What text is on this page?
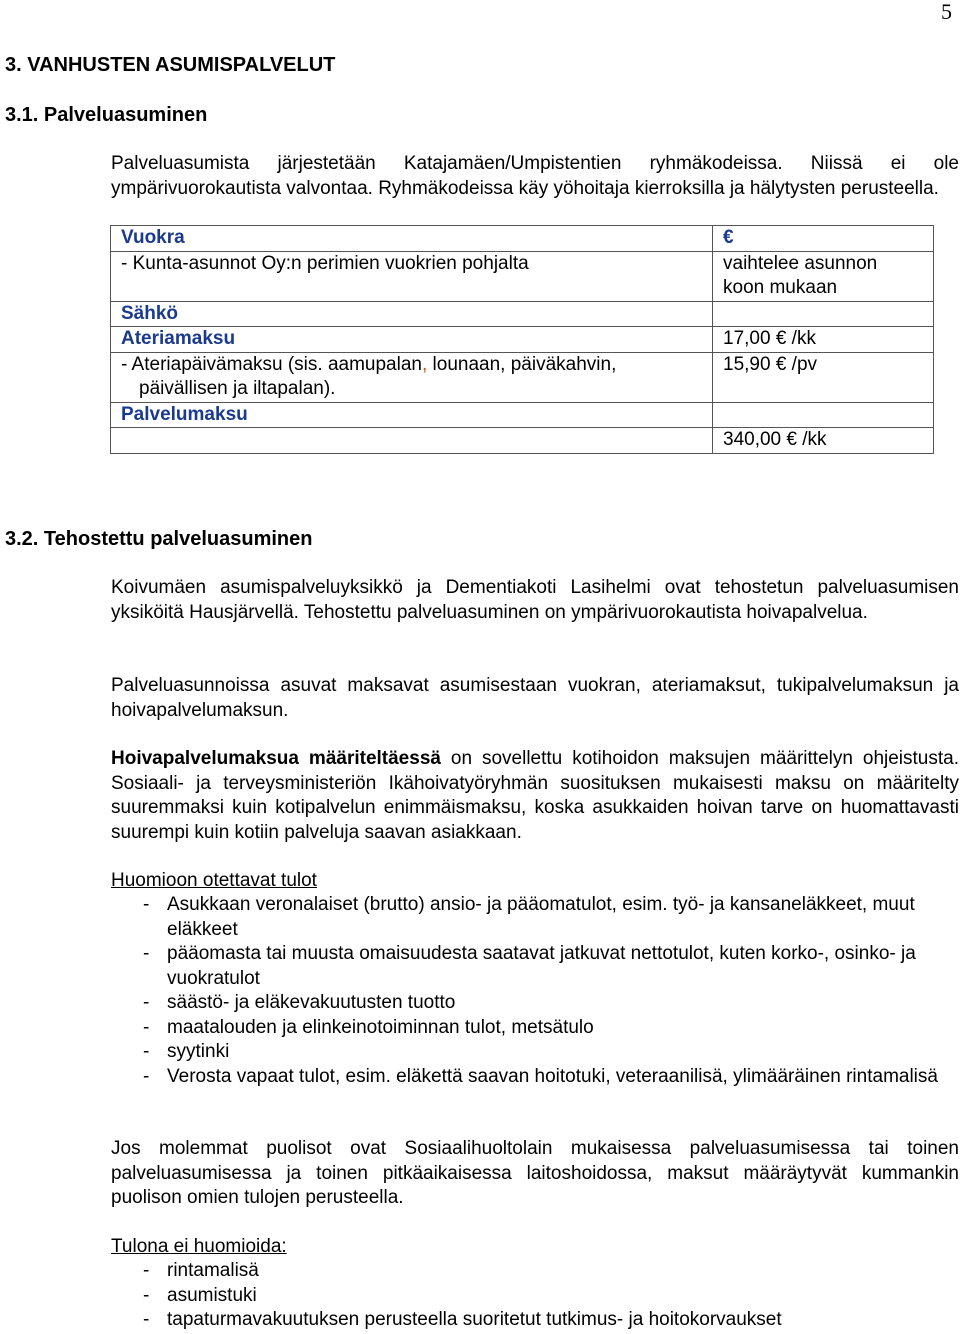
5
3. VANHUSTEN ASUMISPALVELUT
3.1. Palveluasuminen

Palveluasumista järjestetään Katajamäen/Umpistentien ryhmäkodeissa. Niissä ei ole ympärivuorokautista valvontaa. Ryhmäkodeissa käy yöhoitaja kierroksilla ja hälytysten perusteella.

Vuokra	€
- Kunta-asunnot Oy:n perimien vuokrien pohjalta	vaihtelee asunnon koon mukaan
Sähkö	
Ateriamaksu	17,00 € /kk

- Ateriapäivämaksu (sis. aamupalan, lounaan, päiväkahvin, päivällisen ja iltapalan).	15,90 € /pv
Palvelumaksu	
	340,00 € /kk
3.2. Tehostettu palveluasuminen

Koivumäen asumispalveluyksikkö ja Dementiakoti Lasihelmi ovat tehostetun palveluasumisen yksiköitä Hausjärvellä. Tehostettu palveluasuminen on ympärivuorokautista hoivapalvelua.

Palveluasunnoissa asuvat maksavat asumisestaan vuokran, ateriamaksut, tukipalvelumaksun ja hoivapalvelumaksun.

Hoivapalvelumaksua määriteltäessä on sovellettu kotihoidon maksujen määrittelyn ohjeistusta. Sosiaali- ja terveysministeriön Ikähoivatyöryhmän suosituksen mukaisesti maksu on määritelty suuremmaksi kuin kotipalvelun enimmäismaksu, koska asukkaiden hoivan tarve on huomattavasti suurempi kuin kotiin palveluja saavan asiakkaan.

Huomioon otettavat tulot

- Asukkaan veronalaiset (brutto) ansio- ja pääomatulot, esim. työ- ja kansaneläkkeet, muut eläkkeet
- pääomasta tai muusta omaisuudesta saatavat jatkuvat nettotulot, kuten korko-, osinko- ja vuokratulot
- säästö- ja eläkevakuutusten tuotto
- maatalouden ja elinkeinotoiminnan tulot, metsätulo
- syytinki
- Verosta vapaat tulot, esim. eläkettä saavan hoitotuki, veteraanilisä, ylimääräinen rintamalisä

Jos molemmat puolisot ovat Sosiaalihuoltolain mukaisessa palveluasumisessa tai toinen palveluasumisessa ja toinen pitkäaikaisessa laitoshoidossa, maksut määräytyvät kummankin puolison omien tulojen perusteella.

Tulona ei huomioida:

- rintamalisä
- asumistuki
- tapaturmavakuutuksen perusteella suoritetut tutkimus- ja hoitokorvaukset
